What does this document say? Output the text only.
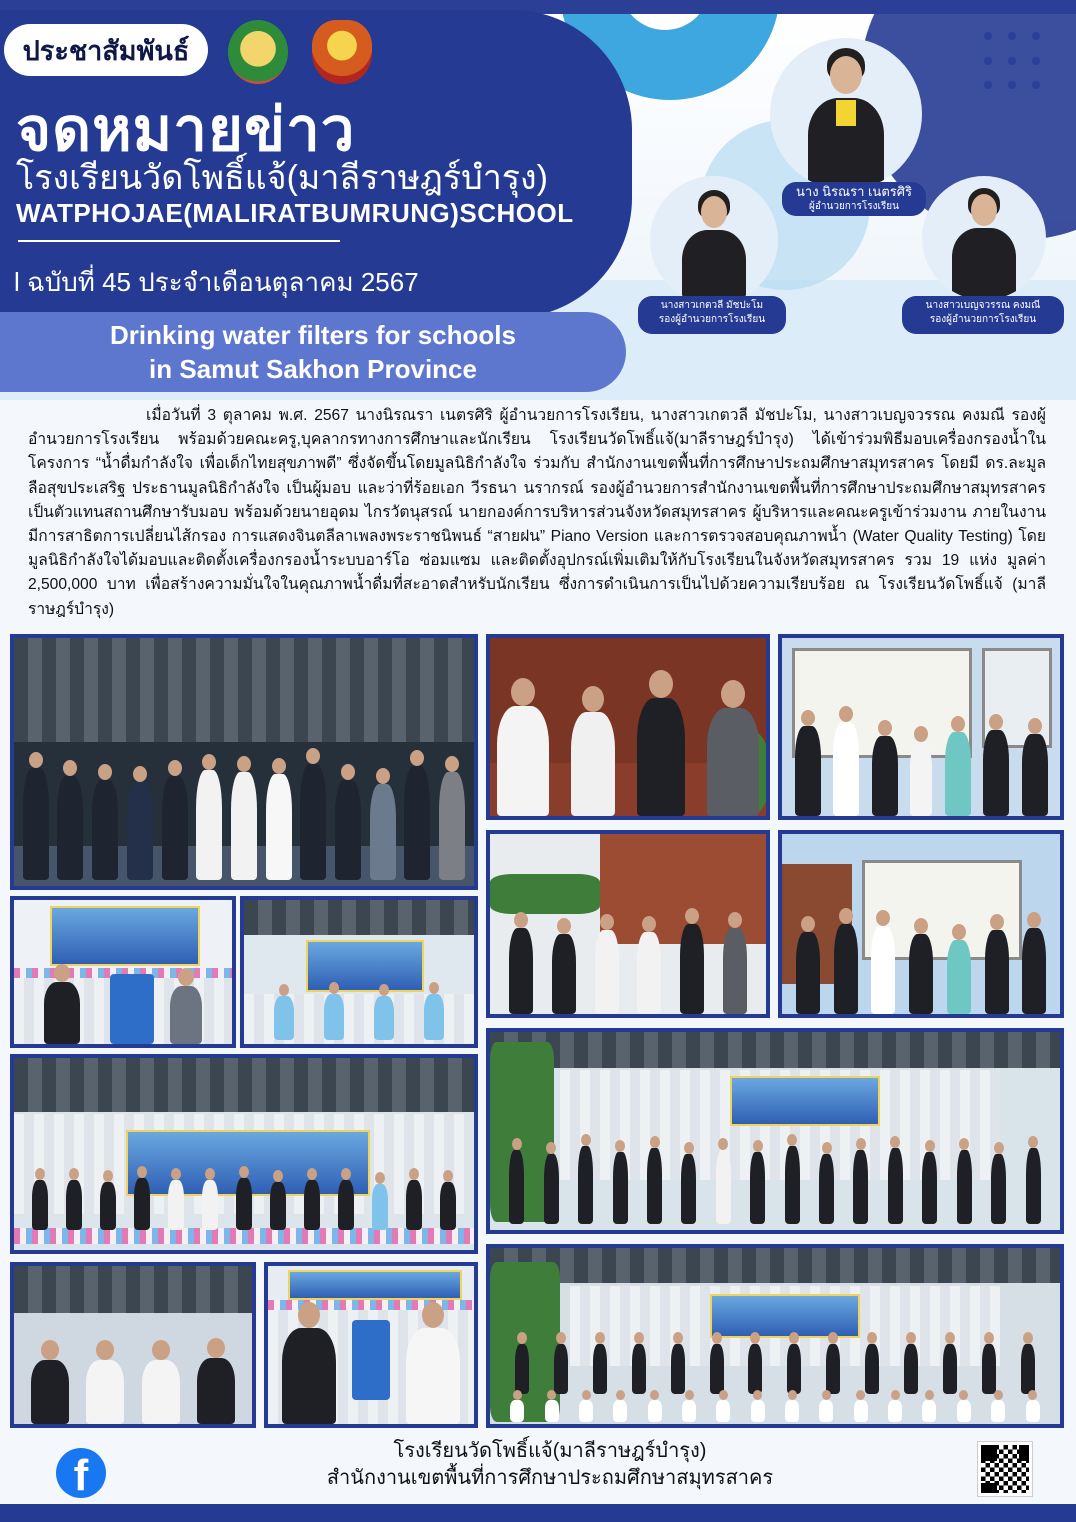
ประชาสัมพันธ์
จดหมายข่าว
โรงเรียนวัดโพธิ์แจ้(มาลีราษฎร์บำรุง)
WATPHOJAE(MALIRATBUMRUNG)SCHOOL
l ฉบับที่ 45 ประจำเดือนตุลาคม 2567
Drinking water filters for schools
in Samut Sakhon Province
นาง นิรณรา เนตรศิริ
ผู้อำนวยการโรงเรียน
นางสาวเกตวลี มัชปะโม
รองผู้อำนวยการโรงเรียน
นางสาวเบญจวรรณ คงมณี
รองผู้อำนวยการโรงเรียน

เมื่อวันที่ 3 ตุลาคม พ.ศ. 2567 นางนิรณรา เนตรศิริ ผู้อำนวยการโรงเรียน, นางสาวเกตวลี มัชปะโม, นางสาวเบญจวรรณ คงมณี รองผู้อำนวยการโรงเรียน พร้อมด้วยคณะครู,บุคลากรทางการศึกษาและนักเรียน โรงเรียนวัดโพธิ์แจ้(มาลีราษฎร์บำรุง) ได้เข้าร่วมพิธีมอบเครื่องกรองน้ำในโครงการ “น้ำดื่มกำลังใจ เพื่อเด็กไทยสุขภาพดี” ซึ่งจัดขึ้นโดยมูลนิธิกำลังใจ ร่วมกับ สำนักงานเขตพื้นที่การศึกษาประถมศึกษาสมุทรสาคร โดยมี ดร.ละมูล ลือสุขประเสริฐ ประธานมูลนิธิกำลังใจ เป็นผู้มอบ และว่าที่ร้อยเอก วีรธนา นรากรณ์ รองผู้อำนวยการสำนักงานเขตพื้นที่การศึกษาประถมศึกษาสมุทรสาคร เป็นตัวแทนสถานศึกษารับมอบ พร้อมด้วยนายอุดม ไกรวัตนุสรณ์ นายกองค์การบริหารส่วนจังหวัดสมุทรสาคร ผู้บริหารและคณะครูเข้าร่วมงาน ภายในงานมีการสาธิตการเปลี่ยนไส้กรอง การแสดงจินตลีลาเพลงพระราชนิพนธ์ “สายฝน” Piano Version และการตรวจสอบคุณภาพน้ำ (Water Quality Testing) โดยมูลนิธิกำลังใจได้มอบและติดตั้งเครื่องกรองน้ำระบบอาร์โอ ซ่อมแซม และติดตั้งอุปกรณ์เพิ่มเติมให้กับโรงเรียนในจังหวัดสมุทรสาคร รวม 19 แห่ง มูลค่า 2,500,000 บาท เพื่อสร้างความมั่นใจในคุณภาพน้ำดื่มที่สะอาดสำหรับนักเรียน ซึ่งการดำเนินการเป็นไปด้วยความเรียบร้อย ณ โรงเรียนวัดโพธิ์แจ้ (มาลีราษฎร์บำรุง)

f	โรงเรียนวัดโพธิ์แจ้(มาลีราษฎร์บำรุง)
สำนักงานเขตพื้นที่การศึกษาประถมศึกษาสมุทรสาคร
